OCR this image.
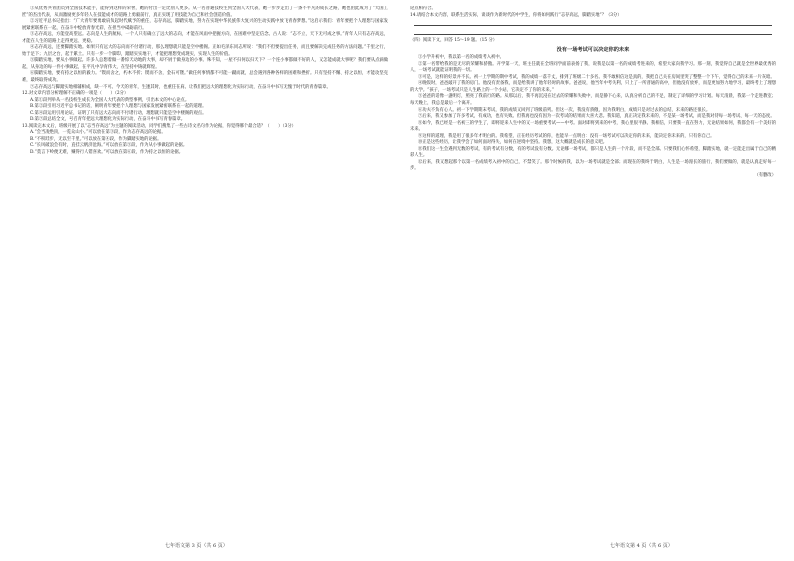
①从优秀共青团员到全国技术能手，能得到这样的荣誉，她的付出一定比别人更多。从一名普通技校生到全国人大代表，她一步步走出了一条不平凡的成长之路，她也由此成为了“大国工匠”的杰出代表，从而激励更多年轻人在技能成才的道路上勇毅前行，真正实现了用技能为自己和社会创造价值。

②习近平总书记指出：“广大青年要勇敢肩负起时代赋予的重任，志存高远，脚踏实地，努力在实现中华民族伟大复兴的生动实践中放飞青春梦想。”这启示我们：青年要把个人理想与国家发展紧密联系在一起，在奋斗中绽放青春光彩，在担当中砥砺前行。

③志存高远，方能登高望远。志向是人生的航标，一个人只有确立了远大的志向，才能在风雨中把握方向，在困难中坚定信念。古人说：“志不立，天下无可成之事。”青年人只有志存高远，才能在人生的道路上走得更远、更稳。

④志存高远，还要脚踏实地。如果只有远大的志向而不付诸行动，那么理想就只能是空中楼阁。正如毛泽东同志所说：“我们不但要提出任务，而且要解决完成任务的方法问题。”千里之行，始于足下；九层之台，起于累土。只有一步一个脚印，踏踏实实地干，才能把理想变成现实，实现人生的价值。

⑤脚踏实地，要从小事做起。许多人总想着做一番惊天动地的大事，却不屑于做身边的小事。殊不知，一屋不扫何以扫天下？一个连小事都做不好的人，又怎能成就大事呢？我们要从点滴做起，从身边的每一件小事做起，在平凡中孕育伟大，在坚持中铸就辉煌。

⑥脚踏实地，要有持之以恒的毅力。“锲而舍之，朽木不折；锲而不舍，金石可镂。”做任何事情都不可能一蹴而就，总会遇到各种各样的困难和挫折。只有坚持不懈、持之以恒，才能攻坚克难，最终取得成功。

⑦志存高远与脚踏实地相辅相成，缺一不可。今天的青年，生逢其时，也重任在肩。让我们把远大的理想化为实际行动，在奋斗中书写无愧于时代的青春篇章。

12.对文章内容分析理解不正确的一项是（　　）（2分）

A.第①段列举从一名技校生成长为全国人大代表的典型事例，引出本文的中心论点。

B.第②段引用习近平总书记的话，阐明青年要把个人理想与国家发展紧密联系在一起的道理。

C.第④段运用引用论证，证明了只有远大志向而不付诸行动，理想就只能是空中楼阁的观点。

D.第⑦段总结全文，号召青年把远大理想化为实际行动，在奋斗中书写青春篇章。

13.阅读完本文后，班级开展了以“志当存高远”为主题的阅读活动，同学们搜集了一些古诗文名句作为论据，你觉得哪个最合适？（　　）（3分）

A.“会当凌绝顶，一览众山小。”可以放在第③段，作为志存高远的论据。

B.“不积跬步，无以至千里。”可以放在第④段，作为脚踏实地的论据。

C.“长风破浪会有时，直挂云帆济沧海。”可以放在第⑤段，作为从小事做起的论据。

D.“莫言下岭便无难，赚得行人错喜欢。”可以放在第⑥段，作为持之以恒的论据。

论点相符合。

14.请结合本文内容，联系生活实际，谈谈作为新时代的中学生，你将如何践行“志存高远，脚踏实地”？（3分）

（四）阅读下文，回答 15～19 题。（15 分）

没有一场考试可以决定你的未来

①小学升初中，我以第一名的成绩考入初中。

②第一名带给我的是无尽的荣耀和骄傲。开学第一天，班主任就在全班同学面前表扬了我，说我是以第一名的成绩考进来的，希望大家向我学习。那一刻，我觉得自己就是全世界最优秀的人，一场考试就能证明我的一切。

③可是，这样的好景并不长。初一上学期的期中考试，我的成绩一落千丈，排到了班级二十多名。我不敢相信这是真的，我把自己关在房间里哭了整整一个下午，觉得自己的未来一片灰暗。

④晚饭时，爸爸敲开了我的房门。他没有责备我，而是给我讲了他年轻时的故事。爸爸说，他当年中考失利，只上了一所普通的高中，但他没有放弃，而是更加努力地学习，最终考上了理想的大学。“孩子，一场考试只是人生路上的一个小站，它决定不了你的未来。”

⑤爸爸的话像一盏明灯，照亮了我前行的路。从那以后，我不再沉浸在过去的荣耀和失败中，而是静下心来，认真分析自己的不足，制定了详细的学习计划。每天清晨，我第一个走进教室；每天晚上，我总是最后一个离开。

⑥功夫不负有心人。初一下学期期末考试，我的成绩又回到了班级前列。但这一次，我没有骄傲，因为我明白，成绩只是对过去的总结，未来的路还很长。

⑦后来，我又参加了许多考试，有成功，也有失败。但我再也没有因为一次考试的结果而大喜大悲。我知道，真正决定我未来的，不是某一场考试，而是我对待每一场考试、每一天的态度。

⑧如今，我已经是一名初三的学生了，即将迎来人生中的又一场重要考试——中考。面对即将到来的中考，我心里很平静。我相信，只要我一直在努力，无论结果如何，我都会有一个美好的未来。

⑨这样的道理，我是用了很多年才明白的。我希望，正在经历考试的你，也能早一点明白：没有一场考试可以决定你的未来，能决定你未来的，只有你自己。

⑩正是这些经历，让我学会了如何面对得失，如何在逆境中坚持。我想，这大概就是成长的意义吧。

⑪我们这一生会遇到无数的考试，有的考试有分数，有的考试没有分数。无论哪一场考试，都只是人生的一个片段，而不是全部。只要我们心怀希望，脚踏实地，就一定能走出属于自己的精彩人生。

⑫后来，我又想起那个以第一名成绩考入初中的自己，不禁笑了。那个时候的我，以为一场考试就是全部；而现在的我终于明白，人生是一场漫长的旅行，我们要做的，就是认真走好每一步。

（有删改）

七年语文第 3 页（共 6 页）	七年语文第 4 页（共 6 页）
